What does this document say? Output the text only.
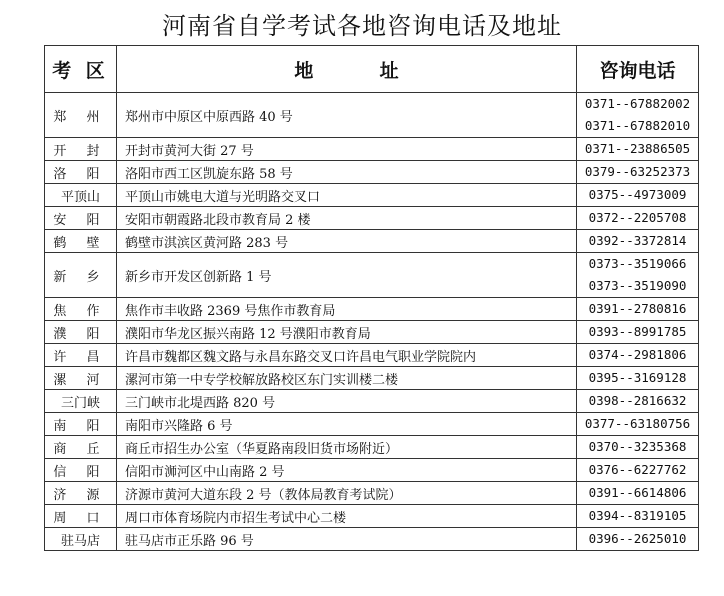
河南省自学考试各地咨询电话及地址
考 区	地          址	咨询电话
郑 州	郑州市中原区中原西路 40 号	0371--67882002
0371--67882010

开 封	开封市黄河大街 27 号	0371--23886505

洛 阳	洛阳市西工区凯旋东路 58 号	0379--63252373

平顶山	平顶山市姚电大道与光明路交叉口	0375--4973009

安 阳	安阳市朝霞路北段市教育局 2 楼	0372--2205708

鹤 壁	鹤壁市淇滨区黄河路 283 号	0392--3372814

新 乡	新乡市开发区创新路 1 号	0373--3519066
0373--3519090

焦 作	焦作市丰收路 2369 号焦作市教育局	0391--2780816

濮 阳	濮阳市华龙区振兴南路 12 号濮阳市教育局	0393--8991785

许 昌	许昌市魏都区魏文路与永昌东路交叉口许昌电气职业学院院内	0374--2981806

漯 河	漯河市第一中专学校解放路校区东门实训楼二楼	0395--3169128

三门峡	三门峡市北堤西路 820 号	0398--2816632

南 阳	南阳市兴隆路 6 号	0377--63180756

商 丘	商丘市招生办公室（华夏路南段旧货市场附近）	0370--3235368

信 阳	信阳市浉河区中山南路 2 号	0376--6227762

济 源	济源市黄河大道东段 2 号（教体局教育考试院）	0391--6614806

周 口	周口市体育场院内市招生考试中心二楼	0394--8319105

驻马店	驻马店市正乐路 96 号	0396--2625010
